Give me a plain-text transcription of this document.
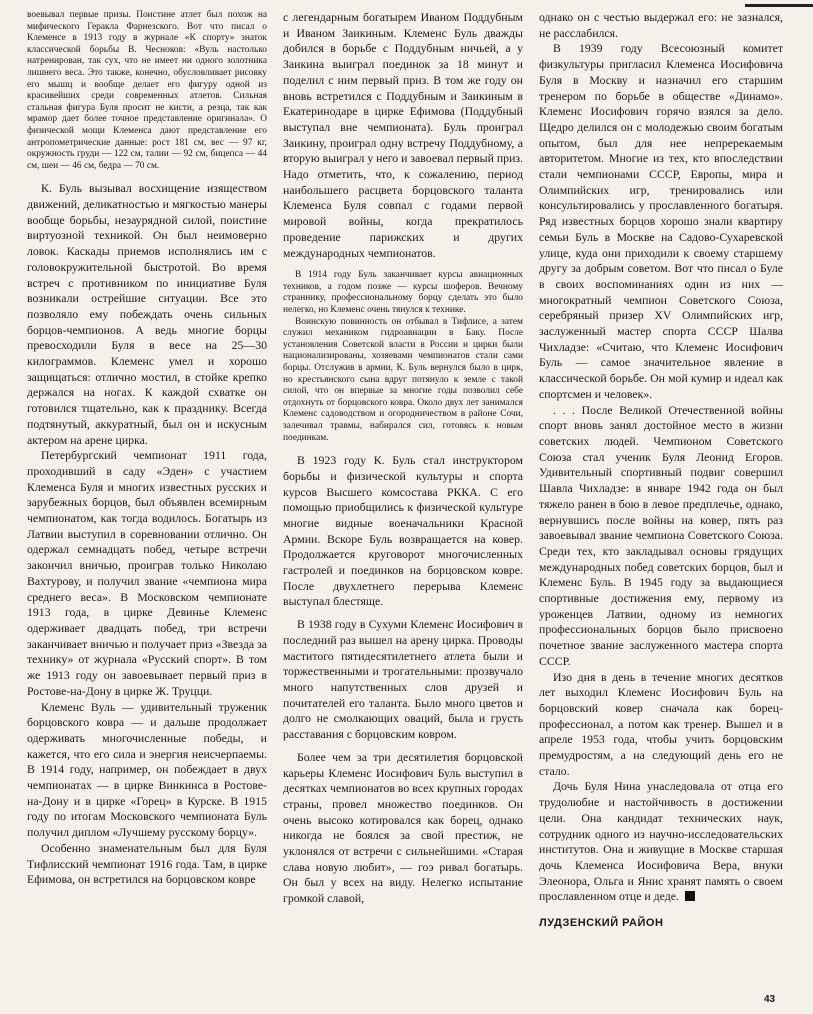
воевывал первые призы. Поистине атлет был похож на мифического Геракла Фарнезского. Вот что писал о Клеменсе в 1913 году в журнале «К спорту» знаток классической борьбы В. Чесноков: «Вуль настолько натренирован, так сух, что не имеет ни одного золотника лишнего веса. Это также, конечно, обусловливает рисовку его мышц и вообще делает его фигуру одной из красивейших среди современных атлетов. Сильная стальная фигура Буля просит не кисти, а резца, так как мрамор дает более точное представление оригинала». О физической мощи Клеменса дают представление его антропометрические данные: рост 181 см, вес — 97 кг, окружность груди — 122 см, талии — 92 см, бицепса — 44 см, шеи — 46 см, бедра — 70 см.

К. Буль вызывал восхищение изяществом движений, деликатностью и мягкостью манеры вообще борьбы, незаурядной силой, поистине виртуозной техникой. Он был неимоверно ловок. Каскады приемов исполнялись им с головокружительной быстротой. Во время встреч с противником по инициативе Буля возникали острейшие ситуации. Все это позволяло ему побеждать очень сильных борцов-чемпионов. А ведь многие борцы превосходили Буля в весе на 25—30 килограммов. Клеменс умел и хорошо защищаться: отлично мостил, в стойке крепко держался на ногах. К каждой схватке он готовился тщательно, как к празднику. Всегда подтянутый, аккуратный, был он и искусным актером на арене цирка.

Петербургский чемпионат 1911 года, проходивший в саду «Эден» с участием Клеменса Буля и многих известных русских и зарубежных борцов, был объявлен всемирным чемпионатом, как тогда водилось. Богатырь из Латвии выступил в соревновании отлично. Он одержал семнадцать побед, четыре встречи закончил вничью, проиграв только Николаю Вахтурову, и получил звание «чемпиона мира среднего веса». В Московском чемпионате 1913 года, в цирке Девинье Клеменс одерживает двадцать побед, три встречи заканчивает вничью и получает приз «Звезда за технику» от журнала «Русский спорт». В том же 1913 году он завоевывает первый приз в Ростове-на-Дону в цирке Ж. Труцци.

Клеменс Вуль — удивительный труженик борцовского ковра — и дальше продолжает одерживать многочисленные победы, и кажется, что его сила и энергия неисчерпаемы. В 1914 году, например, он побеждает в двух чемпионатах — в цирке Винкинса в Ростове-на-Дону и в цирке «Горец» в Курске. В 1915 году по итогам Московского чемпионата Буль получил диплом «Лучшему русскому борцу».

Особенно знаменательным был для Буля Тифлисский чемпионат 1916 года. Там, в цирке Ефимова, он встретился на борцовском ковре

с легендарным богатырем Иваном Поддубным и Иваном Заикиным. Клеменс Буль дважды добился в борьбе с Поддубным ничьей, а у Заикина выиграл поединок за 18 минут и поделил с ним первый приз. В том же году он вновь встретился с Поддубным и Заикиным в Екатеринодаре в цирке Ефимова (Поддубный выступал вне чемпионата). Буль проиграл Заикину, проиграл одну встречу Поддубному, а вторую выиграл у него и завоевал первый приз. Надо отметить, что, к сожалению, период наибольшего расцвета борцовского таланта Клеменса Буля совпал с годами первой мировой войны, когда прекратилось проведение парижских и других международных чемпионатов.

В 1914 году Буль заканчивает курсы авиационных техников, а годом позже — курсы шоферов. Вечному страннику, профессиональному борцу сделать это было нелегко, но Клеменс очень тянулся к технике.

Воинскую повинность он отбывал в Тифлисе, а затем служил механиком гидроавиации в Баку. После установления Советской власти в России и цирки были национализированы, хозяевами чемпионатов стали сами борцы. Отслужив в армии, К. Буль вернулся было в цирк, но крестьянского сына вдруг потянуло к земле с такой силой, что он впервые за многие годы позволил себе отдохнуть от борцовского ковра. Около двух лет занимался Клеменс садоводством и огородничеством в районе Сочи, залечивал травмы, набирался сил, готовясь к новым поединкам.

В 1923 году К. Буль стал инструктором борьбы и физической культуры и спорта курсов Высшего комсостава РККА. С его помощью приобщились к физической культуре многие видные военачальники Красной Армии. Вскоре Буль возвращается на ковер. Продолжается круговорот многочисленных гастролей и поединков на борцовском ковре. После двухлетнего перерыва Клеменс выступал блестяще.

В 1938 году в Сухуми Клеменс Иосифович в последний раз вышел на арену цирка. Проводы маститого пятидесятилетнего атлета были и торжественными и трогательными: прозвучало много напутственных слов друзей и почитателей его таланта. Было много цветов и долго не смолкающих оваций, была и грусть расставания с борцовским ковром.

Более чем за три десятилетия борцовской карьеры Клеменс Иосифович Буль выступил в десятках чемпионатов во всех крупных городах страны, провел множество поединков. Он очень высоко котировался как борец, однако никогда не боялся за свой престиж, не уклонялся от встречи с сильнейшими. «Старая слава новую любит», — гоэ ривал богатырь. Он был у всех на виду. Нелегко испытание громкой славой,

однако он с честью выдержал его: не зазнался, не расслабился.

В 1939 году Всесоюзный комитет физкультуры пригласил Клеменса Иосифовича Буля в Москву и назначил его старшим тренером по борьбе в обществе «Динамо». Клеменс Иосифович горячо взялся за дело. Щедро делился он с молодежью своим богатым опытом, был для нее непререкаемым авторитетом. Многие из тех, кто впоследствии стали чемпионами СССР, Европы, мира и Олимпийских игр, тренировались или консультировались у прославленного богатыря. Ряд известных борцов хорошо знали квартиру семьи Буль в Москве на Садово-Сухаревской улице, куда они приходили к своему старшему другу за добрым советом. Вот что писал о Буле в своих воспоминаниях один из них — многократный чемпион Советского Союза, серебряный призер XV Олимпийских игр, заслуженный мастер спорта СССР Шалва Чихладзе: «Считаю, что Клеменс Иосифович Буль — самое значительное явление в классической борьбе. Он мой кумир и идеал как спортсмен и человек».

. . . После Великой Отечественной войны спорт вновь занял достойное место в жизни советских людей. Чемпионом Советского Союза стал ученик Буля Леонид Егоров. Удивительный спортивный подвиг совершил Шавла Чихладзе: в январе 1942 года он был тяжело ранен в бою в левое предплечье, однако, вернувшись после войны на ковер, пять раз завоевывал звание чемпиона Советского Союза. Среди тех, кто закладывал основы грядущих международных побед советских борцов, был и Клеменс Буль. В 1945 году за выдающиеся спортивные достижения ему, первому из уроженцев Латвии, одному из немногих профессиональных борцов было присвоено почетное звание заслуженного мастера спорта СССР.

Изо дня в день в течение многих десятков лет выходил Клеменс Иосифович Буль на борцовский ковер сначала как борец-профессионал, а потом как тренер. Вышел и в апреле 1953 года, чтобы учить борцовским премудростям, а на следующий день его не стало.

Дочь Буля Нина унаследовала от отца его трудолюбие и настойчивость в достижении цели. Она кандидат технических наук, сотрудник одного из научно-исследовательских институтов. Она и живущие в Москве старшая дочь Клеменса Иосифовича Вера, внуки Элеонора, Ольга и Янис хранят память о своем прославленном отце и деде.

ЛУДЗЕНСКИЙ РАЙОН

43
